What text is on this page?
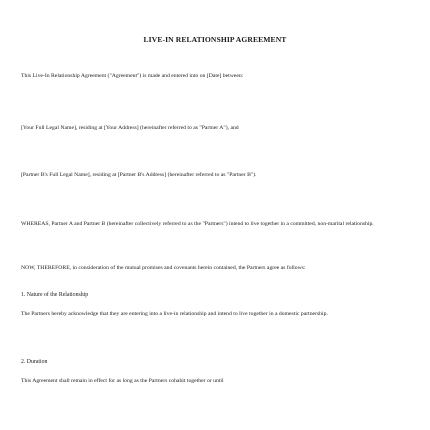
LIVE-IN RELATIONSHIP AGREEMENT
This Live-In Relationship Agreement ("Agreement") is made and entered into on [Date] between:
[Your Full Legal Name], residing at [Your Address] (hereinafter referred to as "Partner A"), and
[Partner B's Full Legal Name], residing at [Partner B's Address] (hereinafter referred to as "Partner B").
WHEREAS, Partner A and Partner B (hereinafter collectively referred to as the "Partners") intend to live together in a committed, non-marital relationship.
NOW, THEREFORE, in consideration of the mutual promises and covenants herein contained, the Partners agree as follows:
1. Nature of the Relationship
The Partners hereby acknowledge that they are entering into a live-in relationship and intend to live together in a domestic partnership.
2. Duration
This Agreement shall remain in effect for as long as the Partners cohabit together or until
